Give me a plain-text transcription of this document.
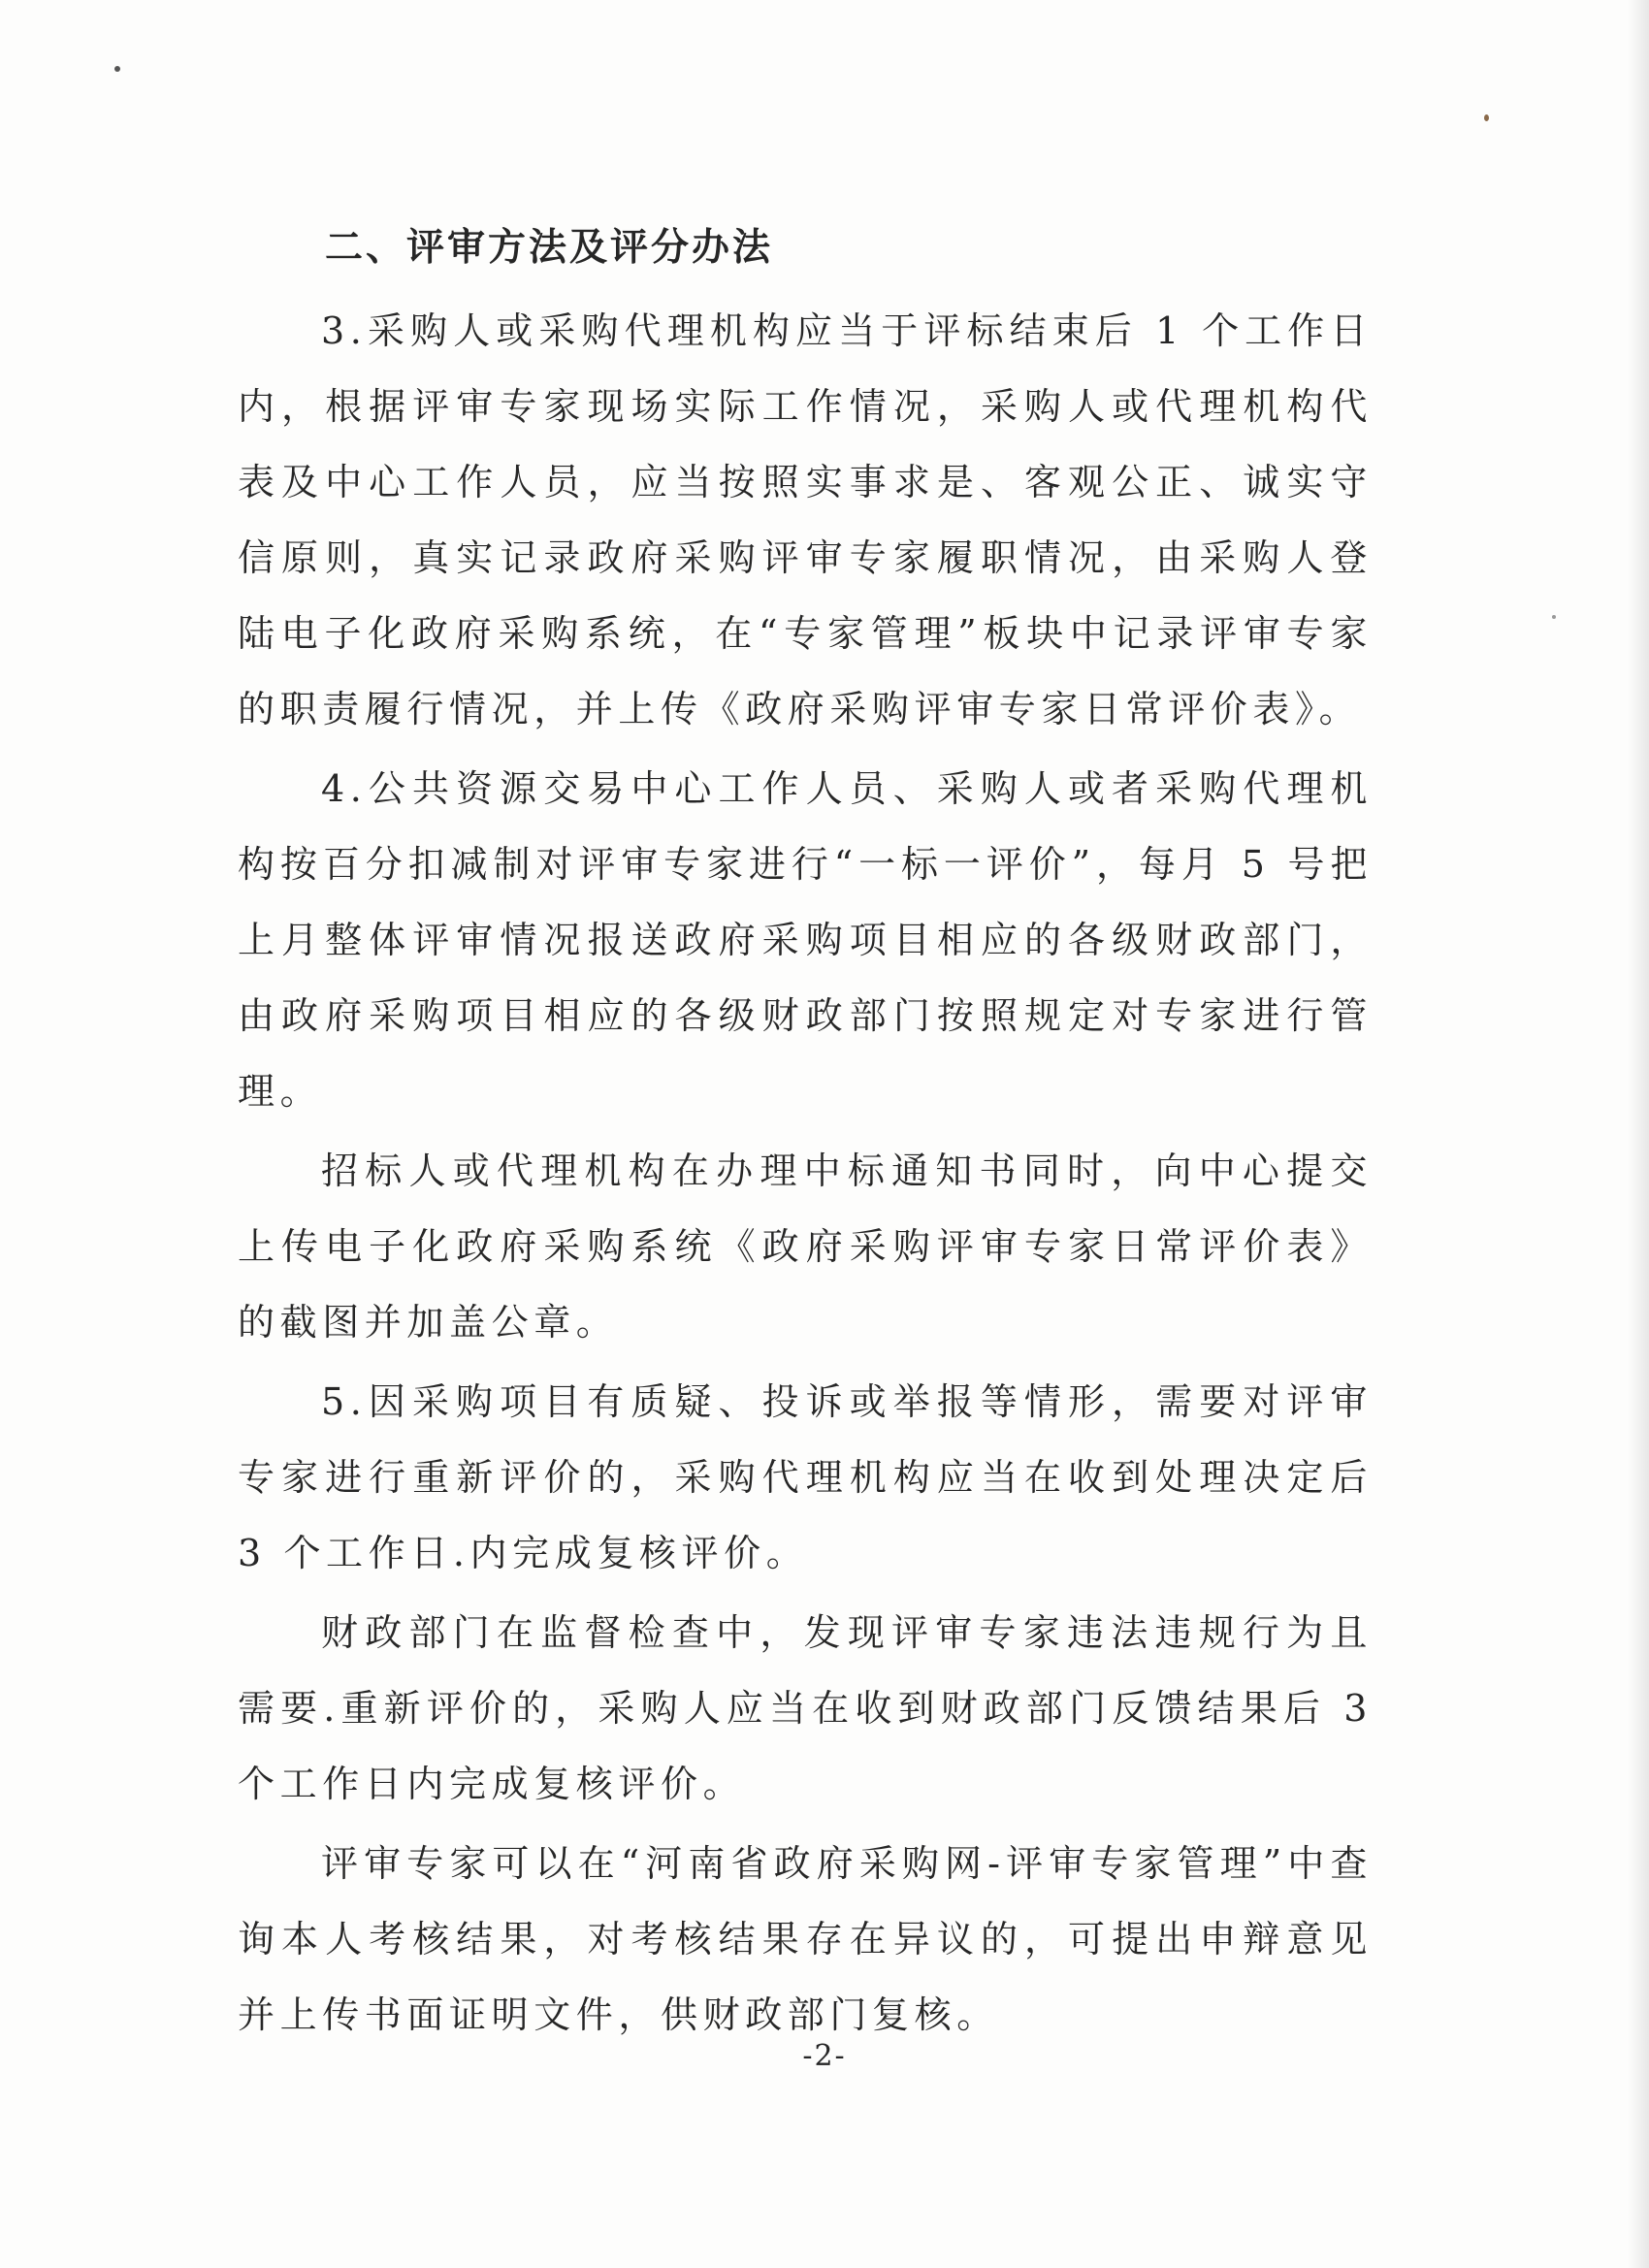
二、评审方法及评分办法

3.采购人或采购代理机构应当于评标结束后 1 个工作日内，根据评审专家现场实际工作情况，采购人或代理机构代表及中心工作人员，应当按照实事求是、客观公正、诚实守信原则，真实记录政府采购评审专家履职情况，由采购人登陆电子化政府采购系统，在“专家管理”板块中记录评审专家的职责履行情况，并上传《政府采购评审专家日常评价表》。

4.公共资源交易中心工作人员、采购人或者采购代理机构按百分扣减制对评审专家进行“一标一评价”，每月 5 号把上月整体评审情况报送政府采购项目相应的各级财政部门，由政府采购项目相应的各级财政部门按照规定对专家进行管理。

招标人或代理机构在办理中标通知书同时，向中心提交上传电子化政府采购系统《政府采购评审专家日常评价表》的截图并加盖公章。

5.因采购项目有质疑、投诉或举报等情形，需要对评审专家进行重新评价的，采购代理机构应当在收到处理决定后 3 个工作日.内完成复核评价。

财政部门在监督检查中，发现评审专家违法违规行为且需要.重新评价的，采购人应当在收到财政部门反馈结果后 3 个工作日内完成复核评价。

评审专家可以在“河南省政府采购网-评审专家管理”中查询本人考核结果，对考核结果存在异议的，可提出申辩意见并上传书面证明文件，供财政部门复核。

-2-
